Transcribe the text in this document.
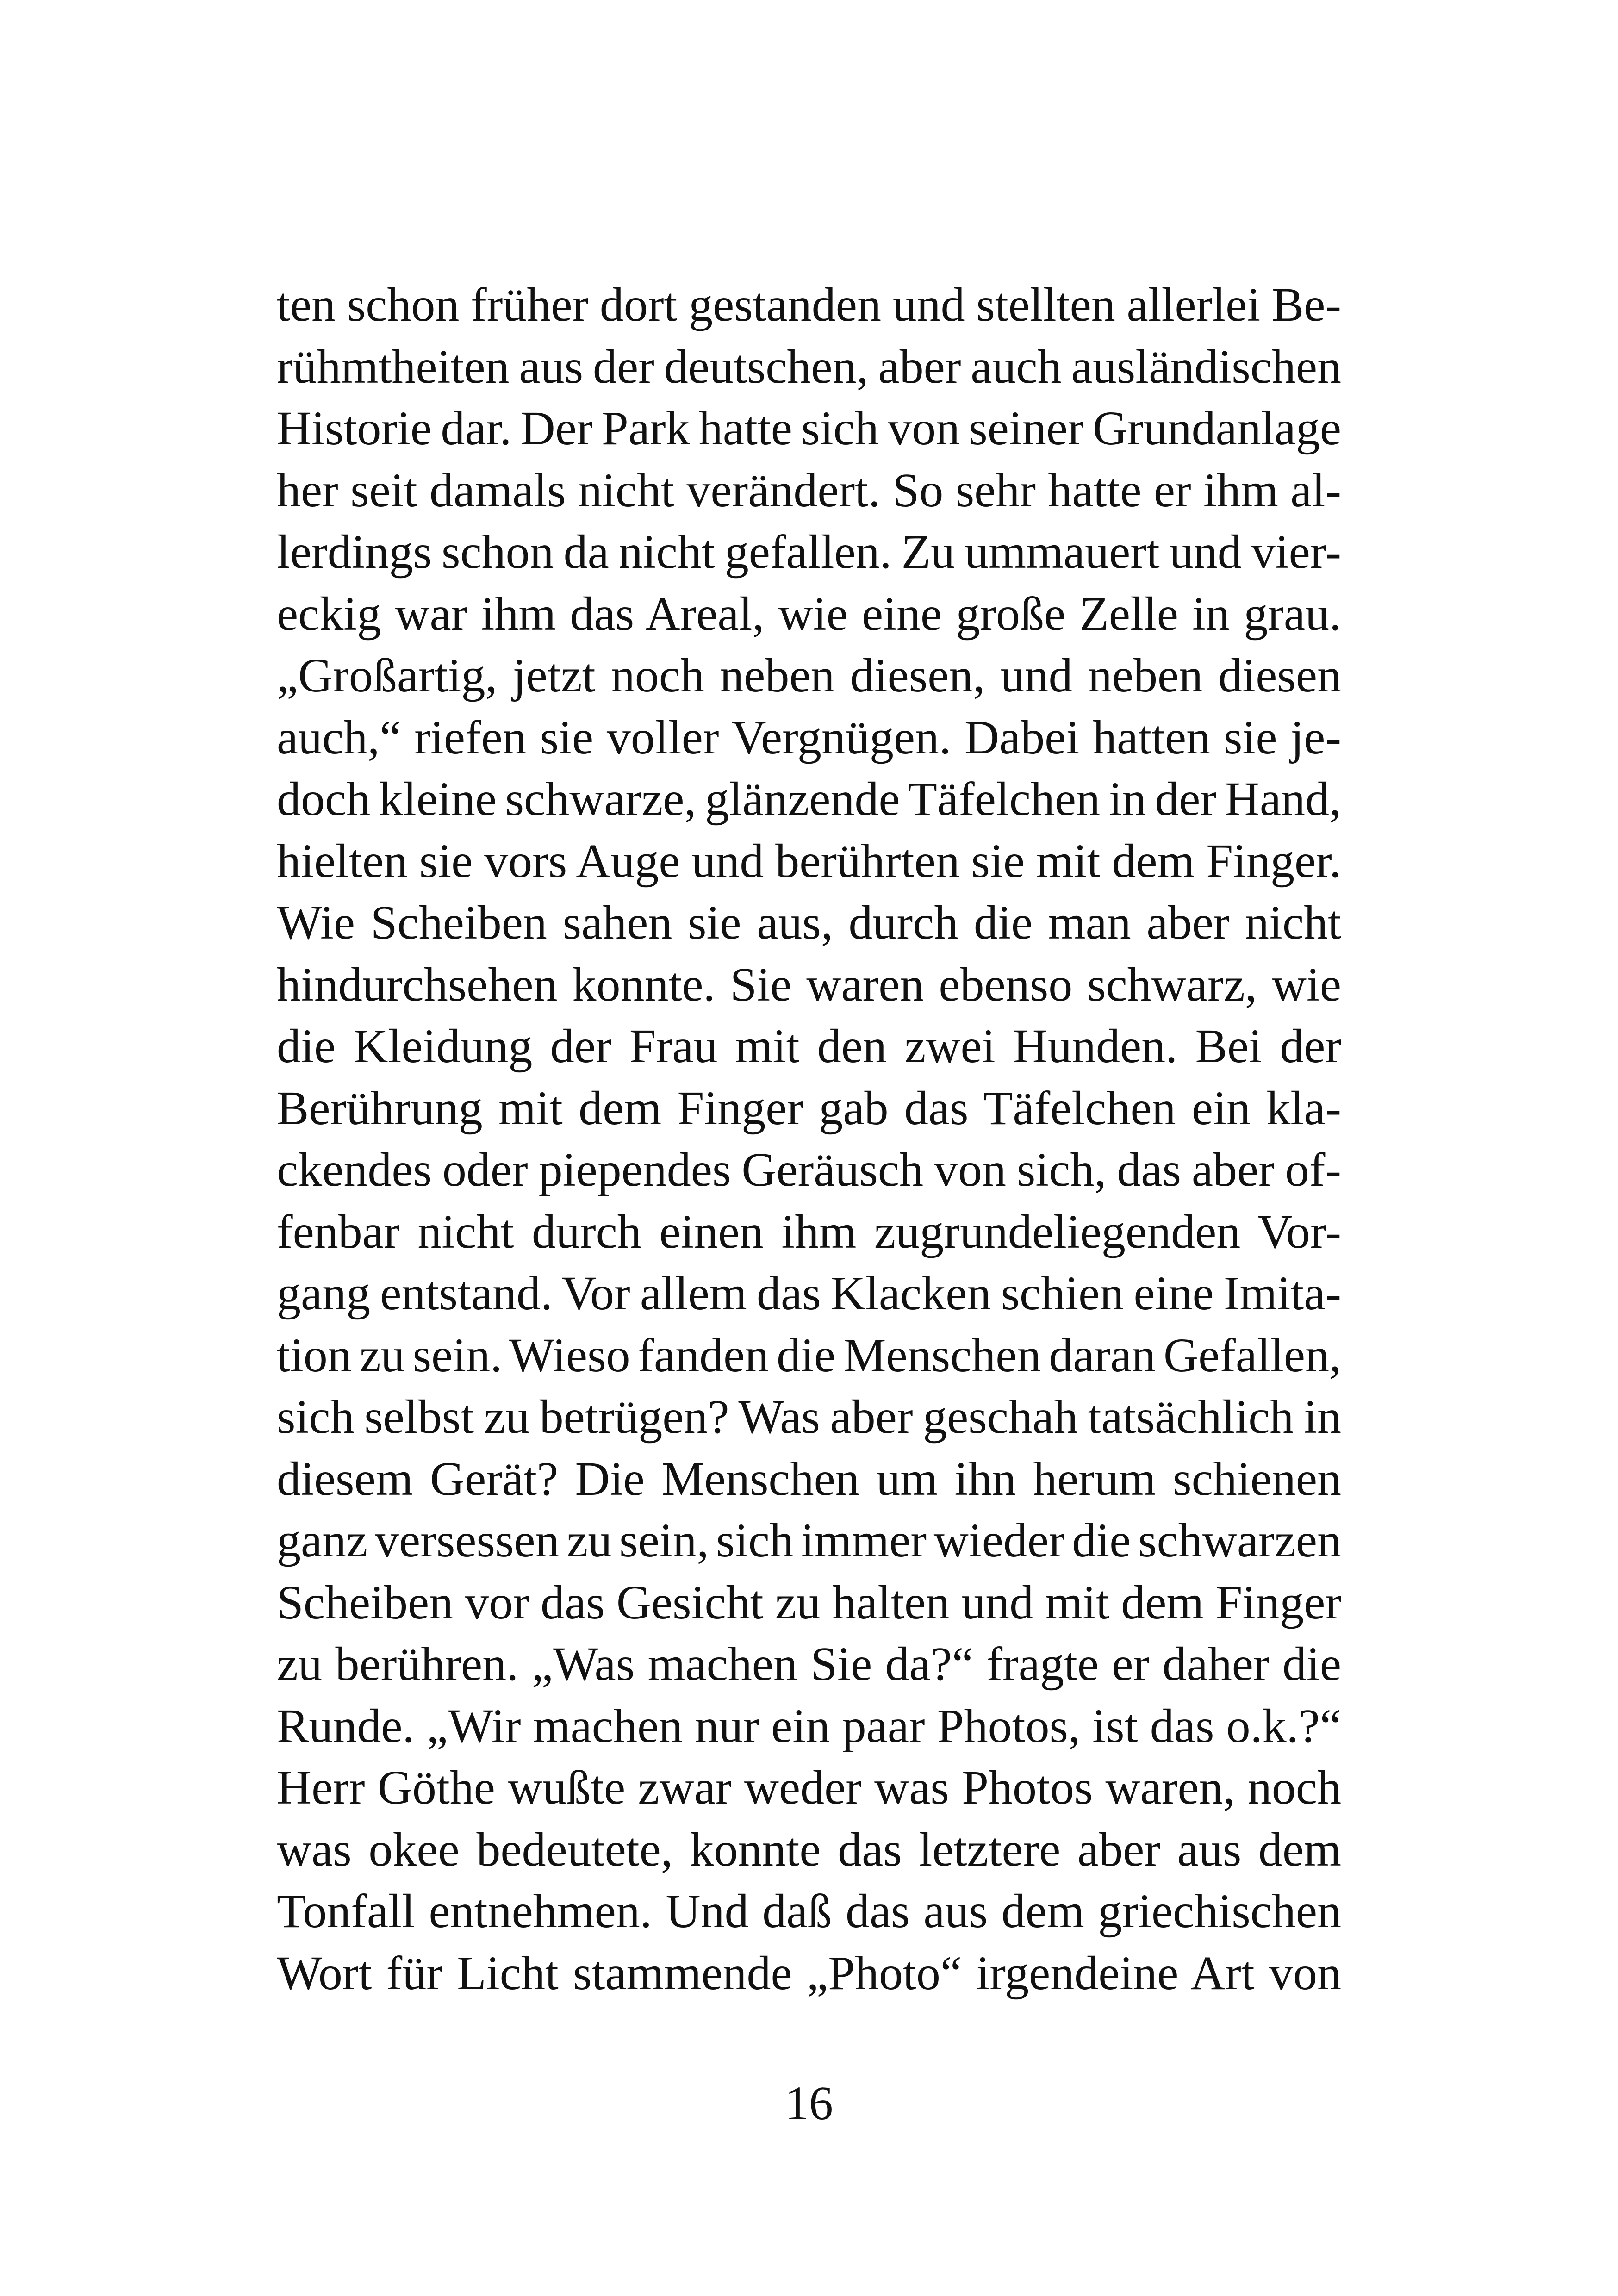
ten schon früher dort gestanden und stellten allerlei Be-
rühmtheiten aus der deutschen, aber auch ausländischen
Historie dar. Der Park hatte sich von seiner Grundanlage
her seit damals nicht verändert. So sehr hatte er ihm al-
lerdings schon da nicht gefallen. Zu ummauert und vier-
eckig war ihm das Areal, wie eine große Zelle in grau.
„Großartig, jetzt noch neben diesen, und neben diesen
auch,“ riefen sie voller Vergnügen. Dabei hatten sie je-
doch kleine schwarze, glänzende Täfelchen in der Hand,
hielten sie vors Auge und berührten sie mit dem Finger.
Wie Scheiben sahen sie aus, durch die man aber nicht
hindurchsehen konnte. Sie waren ebenso schwarz, wie
die Kleidung der Frau mit den zwei Hunden. Bei der
Berührung mit dem Finger gab das Täfelchen ein kla-
ckendes oder piependes Geräusch von sich, das aber of-
fenbar nicht durch einen ihm zugrundeliegenden Vor-
gang entstand. Vor allem das Klacken schien eine Imita-
tion zu sein. Wieso fanden die Menschen daran Gefallen,
sich selbst zu betrügen? Was aber geschah tatsächlich in
diesem Gerät? Die Menschen um ihn herum schienen
ganz versessen zu sein, sich immer wieder die schwarzen
Scheiben vor das Gesicht zu halten und mit dem Finger
zu berühren. „Was machen Sie da?“ fragte er daher die
Runde. „Wir machen nur ein paar Photos, ist das o.k.?“
Herr Göthe wußte zwar weder was Photos waren, noch
was okee bedeutete, konnte das letztere aber aus dem
Tonfall entnehmen. Und daß das aus dem griechischen
Wort für Licht stammende „Photo“ irgendeine Art von
16
